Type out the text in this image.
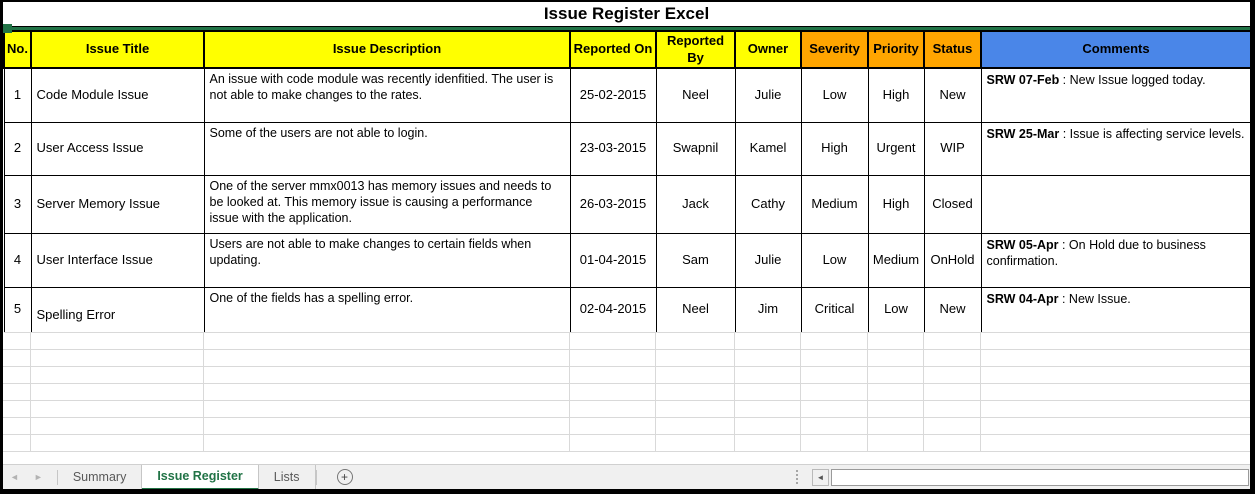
Issue Register Excel
No.	Issue Title	Issue Description	Reported On	Reported By	Owner	Severity	Priority	Status	Comments
1	Code Module Issue	An issue with code module was recently idenfitied. The user is not able to make changes to the rates.	25-02-2015	Neel	Julie	Low	High	New	SRW 07-Feb : New Issue logged today.
2	User Access Issue	Some of the users are not able to login.	23-03-2015	Swapnil	Kamel	High	Urgent	WIP	SRW 25-Mar : Issue is affecting service levels.
3	Server Memory Issue	One of the server mmx0013 has memory issues and needs to be looked at. This memory issue is causing a performance issue with the application.	26-03-2015	Jack	Cathy	Medium	High	Closed	
4	User Interface Issue	Users are not able to make changes to certain fields when updating.	01-04-2015	Sam	Julie	Low	Medium	OnHold	SRW 05-Apr : On Hold due to business confirmation.
5	Spelling Error	One of the fields has a spelling error.	02-04-2015	Neel	Jim	Critical	Low	New	SRW 04-Apr : New Issue.

◄ ►	Summary	Issue Register	Lists	+	◄
